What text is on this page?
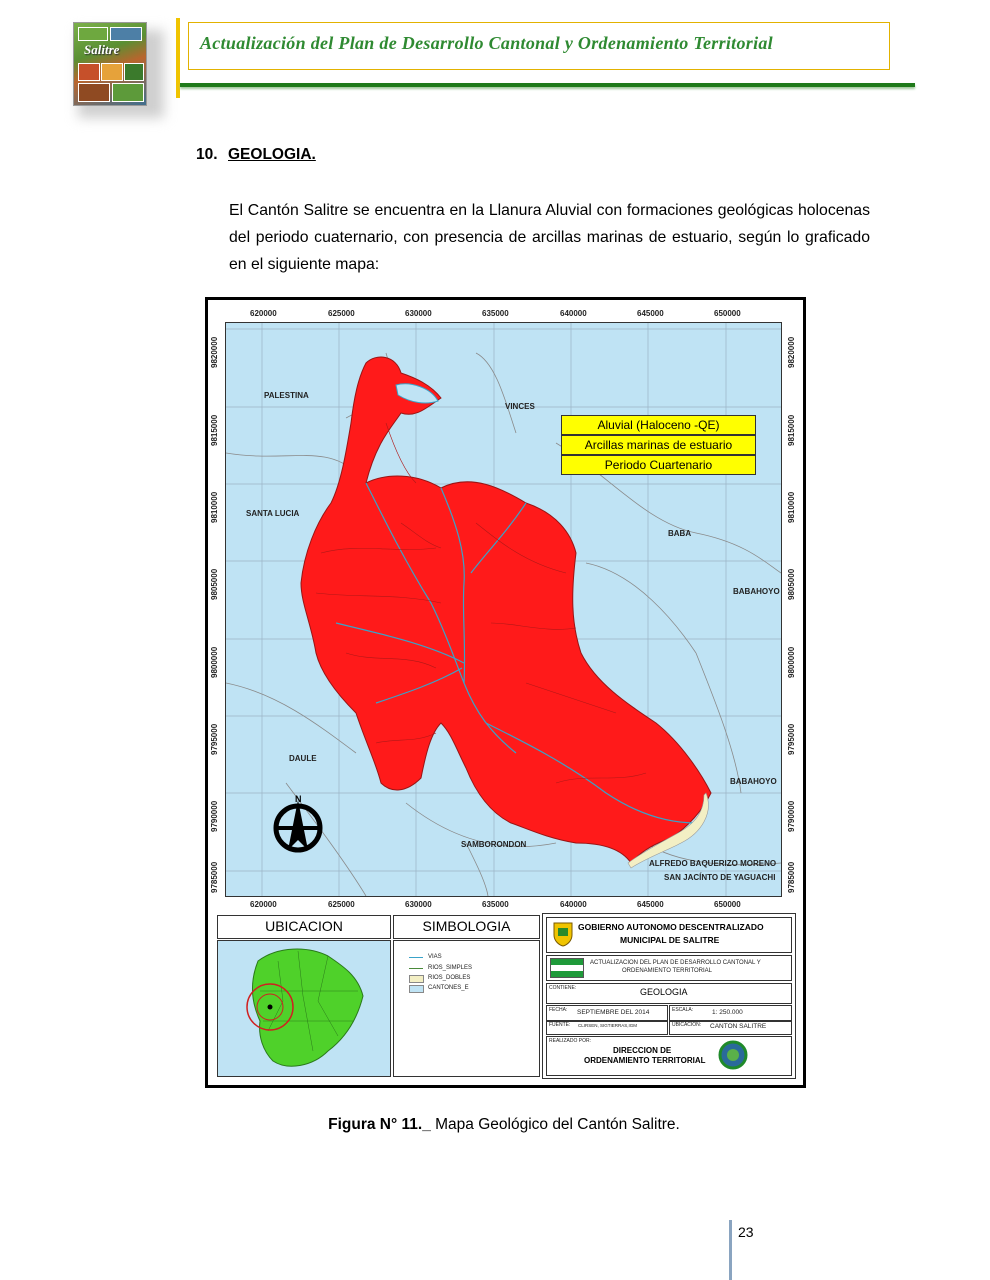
Salitre	Actualización del Plan de Desarrollo Cantonal y Ordenamiento Territorial
10. GEOLOGIA.
El Cantón Salitre se encuentra en la Llanura Aluvial con formaciones geológicas holocenas del periodo cuaternario, con presencia de arcillas marinas de estuario, según lo graficado en el siguiente mapa:
620000	625000	630000	635000	640000	645000	650000
620000	625000	630000	635000	640000	645000	650000
9820000
9815000
9810000
9805000
9800000
9795000
9790000
9785000
9820000
9815000
9810000
9805000
9800000
9795000
9790000
9785000
PALESTINA
VINCES
SANTA LUCIA
BABA
BABAHOYO
DAULE
BABAHOYO
SAMBORONDON
ALFREDO BAQUERIZO MORENO
SAN JACÍNTO DE YAGUACHI
Aluvial (Haloceno -QE)
Arcillas marinas de estuario
Periodo Cuartenario
N
UBICACION	SIMBOLOGIA
VIAS
RIOS_SIMPLES
RIOS_DOBLES
CANTONES_E
GOBIERNO AUTONOMO DESCENTRALIZADO
MUNICIPAL DE SALITRE
ACTUALIZACION DEL PLAN DE DESARROLLO CANTONAL Y
ORDENAMIENTO TERRITORIAL
CONTIENE:	GEOLOGIA
FECHA: SEPTIEMBRE DEL 2014	ESCALA:	1: 250.000
FUENTE: CLIRSEN, SIGTIERRAS,IGM	UBICACION: CANTON SALITRE
REALIZADO POR:
DIRECCION DE
ORDENAMIENTO TERRITORIAL
Figura N° 11._ Mapa Geológico del Cantón Salitre.
23
